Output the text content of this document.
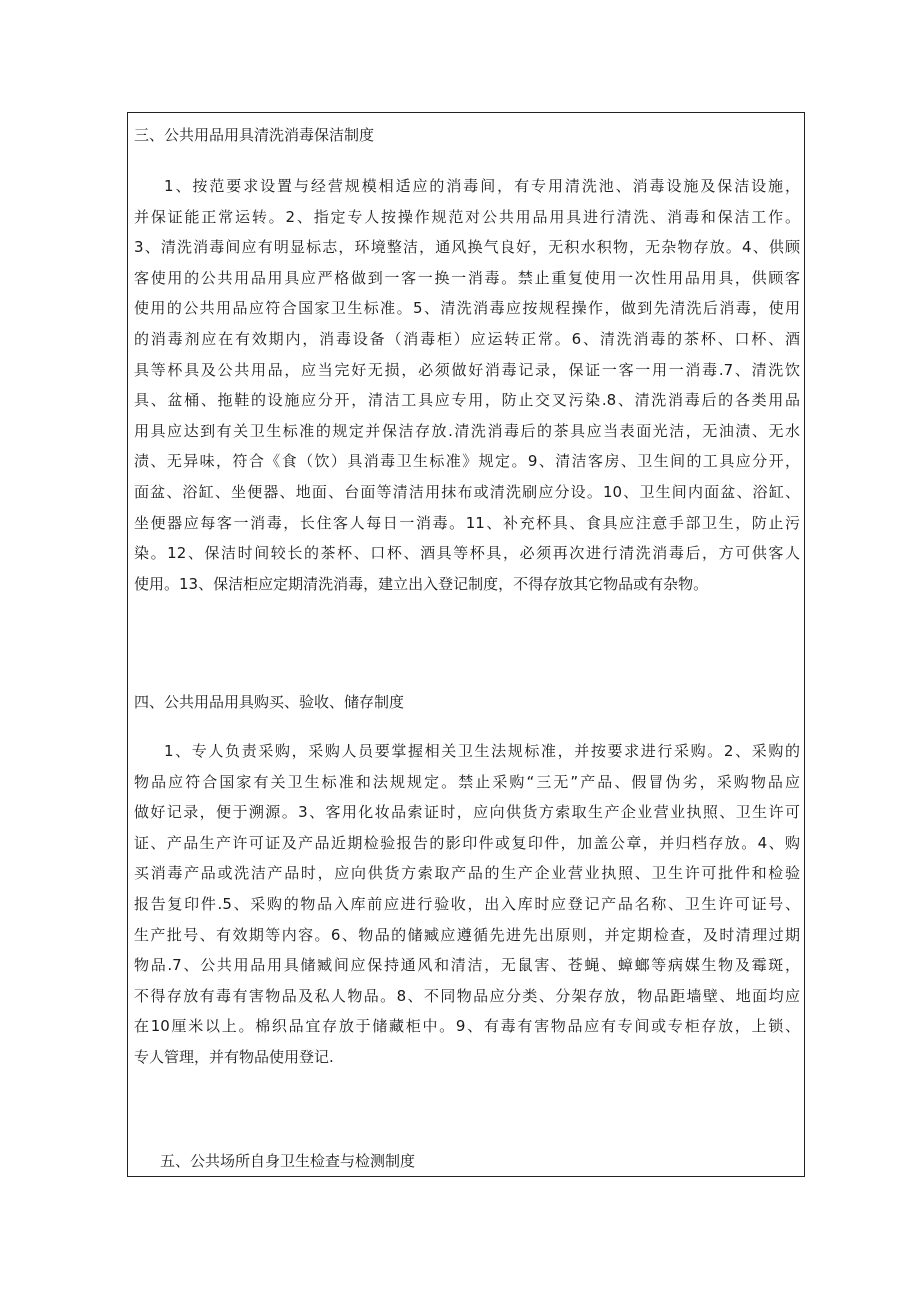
三、公共用品用具清洗消毒保洁制度
1、按范要求设置与经营规模相适应的消毒间，有专用清洗池、消毒设施及保洁设施，
并保证能正常运转。2、指定专人按操作规范对公共用品用具进行清洗、消毒和保洁工作。
3、清洗消毒间应有明显标志，环境整洁，通风换气良好，无积水积物，无杂物存放。4、供顾
客使用的公共用品用具应严格做到一客一换一消毒。禁止重复使用一次性用品用具，供顾客
使用的公共用品应符合国家卫生标准。5、清洗消毒应按规程操作，做到先清洗后消毒，使用
的消毒剂应在有效期内，消毒设备（消毒柜）应运转正常。6、清洗消毒的茶杯、口杯、酒
具等杯具及公共用品，应当完好无损，必须做好消毒记录，保证一客一用一消毒.7、清洗饮
具、盆桶、拖鞋的设施应分开，清洁工具应专用，防止交叉污染.8、清洗消毒后的各类用品
用具应达到有关卫生标准的规定并保洁存放.清洗消毒后的茶具应当表面光洁，无油渍、无水
渍、无异味，符合《食（饮）具消毒卫生标准》规定。9、清洁客房、卫生间的工具应分开，
面盆、浴缸、坐便器、地面、台面等清洁用抹布或清洗刷应分设。10、卫生间内面盆、浴缸、
坐便器应每客一消毒，长住客人每日一消毒。11、补充杯具、食具应注意手部卫生，防止污
染。12、保洁时间较长的茶杯、口杯、酒具等杯具，必须再次进行清洗消毒后，方可供客人
使用。13、保洁柜应定期清洗消毒，建立出入登记制度，不得存放其它物品或有杂物。
四、公共用品用具购买、验收、储存制度
1、专人负责采购，采购人员要掌握相关卫生法规标准，并按要求进行采购。2、采购的
物品应符合国家有关卫生标准和法规规定。禁止采购“三无”产品、假冒伪劣，采购物品应
做好记录，便于溯源。3、客用化妆品索证时，应向供货方索取生产企业营业执照、卫生许可
证、产品生产许可证及产品近期检验报告的影印件或复印件，加盖公章，并归档存放。4、购
买消毒产品或洗洁产品时，应向供货方索取产品的生产企业营业执照、卫生许可批件和检验
报告复印件.5、采购的物品入库前应进行验收，出入库时应登记产品名称、卫生许可证号、
生产批号、有效期等内容。6、物品的储臧应遵循先进先出原则，并定期检查，及时清理过期
物品.7、公共用品用具储臧间应保持通风和清洁，无鼠害、苍蝇、蟑螂等病媒生物及霉斑，
不得存放有毒有害物品及私人物品。8、不同物品应分类、分架存放，物品距墙壁、地面均应
在10厘米以上。棉织品宜存放于储藏柜中。9、有毒有害物品应有专间或专柜存放，上锁、
专人管理，并有物品使用登记.
五、公共场所自身卫生检查与检测制度
